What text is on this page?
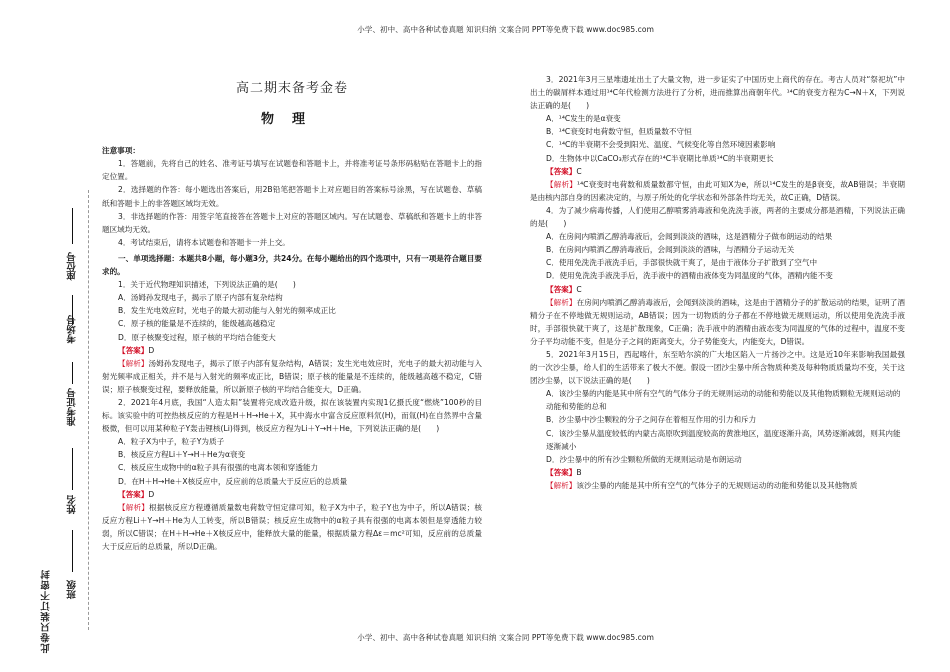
小学、初中、高中各种试卷真题 知识归纳 文案合同 PPT等免费下载 www.doc985.com
座位号
考场号
准考证号
姓名
班级
此卷只装订不密封
高二期末备考金卷
物理

注意事项：

1．答题前，先将自己的姓名、准考证号填写在试题卷和答题卡上，并将准考证号条形码粘贴在答题卡上的指定位置。

2．选择题的作答：每小题选出答案后，用2B铅笔把答题卡上对应题目的答案标号涂黑，写在试题卷、草稿纸和答题卡上的非答题区域均无效。

3．非选择题的作答：用签字笔直接答在答题卡上对应的答题区域内。写在试题卷、草稿纸和答题卡上的非答题区域均无效。

4．考试结束后，请将本试题卷和答题卡一并上交。

一、单项选择题：本题共8小题，每小题3分，共24分。在每小题给出的四个选项中，只有一项是符合题目要求的。

1．关于近代物理知识描述，下列说法正确的是(　　)

A．汤姆孙发现电子，揭示了原子内部有复杂结构

B．发生光电效应时，光电子的最大初动能与入射光的频率成正比

C．原子核的能量是不连续的，能级越高越稳定

D．原子核聚变过程，原子核的平均结合能变大

【答案】D

【解析】汤姆孙发现电子，揭示了原子内部有复杂结构，A错误；发生光电效应时，光电子的最大初动能与入射光频率成正相关，并不是与入射光的频率成正比，B错误；原子核的能量是不连续的，能级越高越不稳定，C错误；原子核聚变过程，要释放能量，所以新原子核的平均结合能变大，D正确。

2．2021年4月底，我国“人造太阳”装置将完成改造升级，拟在该装置内实现1亿摄氏度“燃烧”100秒的目标。该实验中的可控热核反应的方程是H＋H→He＋X，其中海水中富含反应原料氘(H)，而氚(H)在自然界中含量极微，但可以用某种粒子Y轰击锂核(Li)得到，核反应方程为Li＋Y→H＋He，下列说法正确的是(　　)

A．粒子X为中子，粒子Y为质子

B．核反应方程Li＋Y→H＋He为α衰变

C．核反应生成物中的α粒子具有很强的电离本领和穿透能力

D．在H＋H→He＋X核反应中，反应前的总质量大于反应后的总质量

【答案】D

【解析】根据核反应方程遵循质量数电荷数守恒定律可知，粒子X为中子，粒子Y也为中子，所以A错误；核反应方程Li＋Y→H＋He为人工转变，所以B错误；核反应生成物中的α粒子具有很强的电离本领但是穿透能力较弱，所以C错误；在H＋H→He＋X核反应中，能释放大量的能量，根据质量方程Δε＝mc²可知，反应前的总质量大于反应后的总质量，所以D正确。

3．2021年3月三星堆遗址出土了大量文物，进一步证实了中国历史上商代的存在。考古人员对“祭祀坑”中出土的碳屑样本通过用¹⁴C年代检测方法进行了分析，进而推算出商朝年代。¹⁴C的衰变方程为C→N＋X，下列说法正确的是(　　)

A．¹⁴C发生的是α衰变

B．¹⁴C衰变时电荷数守恒，但质量数不守恒

C．¹⁴C的半衰期不会受到阳光、温度、气候变化等自然环境因素影响

D．生物体中以CaCO₃形式存在的¹⁴C半衰期比单质¹⁴C的半衰期更长

【答案】C

【解析】¹⁴C衰变时电荷数和质量数都守恒，由此可知X为e，所以¹⁴C发生的是β衰变，故AB错误；半衰期是由核内部自身的因素决定的，与原子所处的化学状态和外部条件均无关，故C正确，D错误。

4．为了减少病毒传播，人们使用乙醇喷雾消毒液和免洗洗手液，两者的主要成分都是酒精，下列说法正确的是(　　)

A．在房间内喷洒乙醇消毒液后，会闻到淡淡的酒味，这是酒精分子做布朗运动的结果

B．在房间内喷洒乙醇消毒液后，会闻到淡淡的酒味，与酒精分子运动无关

C．使用免洗洗手液洗手后，手部很快就干爽了，是由于液体分子扩散到了空气中

D．使用免洗洗手液洗手后，洗手液中的酒精由液体变为同温度的气体，酒精内能不变

【答案】C

【解析】在房间内喷洒乙醇消毒液后，会闻到淡淡的酒味，这是由于酒精分子的扩散运动的结果，证明了酒精分子在不停地做无规则运动，AB错误；因为一切物质的分子都在不停地做无规则运动，所以使用免洗洗手液时，手部很快就干爽了，这是扩散现象，C正确；洗手液中的酒精由液态变为同温度的气体的过程中，温度不变分子平均动能不变，但是分子之间的距离变大，分子势能变大，内能变大，D错误。

5．2021年3月15日，西起喀什，东至哈尔滨的广大地区陷入一片扬沙之中。这是近10年来影响我国最强的一次沙尘暴，给人们的生活带来了极大不便。假设一团沙尘暴中所含物质种类及每种物质质量均不变，关于这团沙尘暴，以下说法正确的是(　　)

A．该沙尘暴的内能是其中所有空气的气体分子的无规则运动的动能和势能以及其他物质颗粒无规则运动的动能和势能的总和

B．沙尘暴中沙尘颗粒的分子之间存在着相互作用的引力和斥力

C．该沙尘暴从温度较低的内蒙古高原吹到温度较高的黄淮地区，温度逐渐升高，风势逐渐减弱，则其内能逐渐减小

D．沙尘暴中的所有沙尘颗粒所做的无规则运动是布朗运动

【答案】B

【解析】该沙尘暴的内能是其中所有空气的气体分子的无规则运动的动能和势能以及其他物质

小学、初中、高中各种试卷真题 知识归纳 文案合同 PPT等免费下载 www.doc985.com
